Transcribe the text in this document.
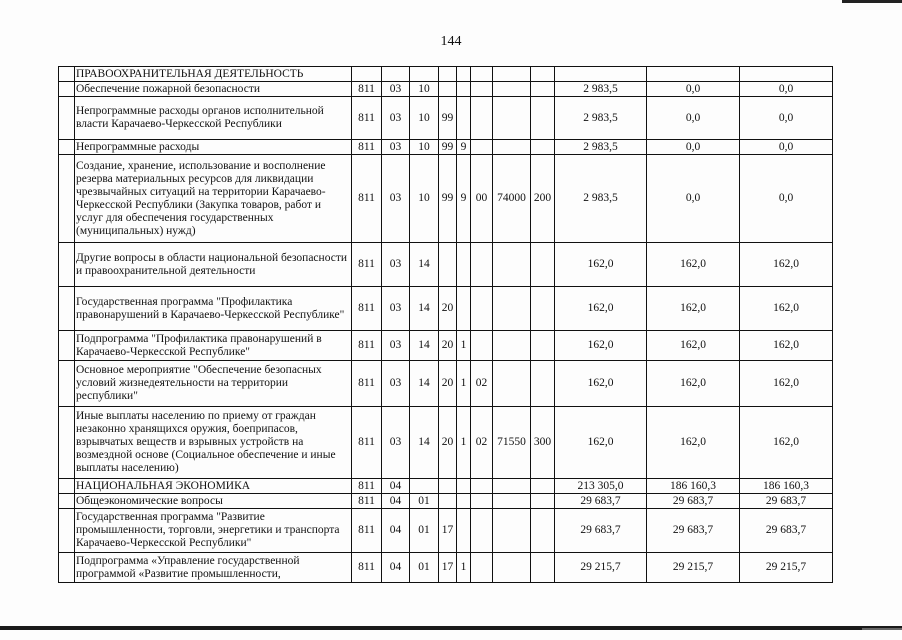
144
	ПРАВООХРАНИТЕЛЬНАЯ ДЕЯТЕЛЬНОСТЬ											
	Обеспечение пожарной безопасности	811	03	10						2 983,5	0,0	0,0
	Непрограммные расходы органов исполнительной власти Карачаево-Черкесской Республики	811	03	10	99					2 983,5	0,0	0,0
	Непрограммные расходы	811	03	10	99	9				2 983,5	0,0	0,0
	Создание, хранение, использование и восполнение резерва материальных ресурсов для ликвидации чрезвычайных ситуаций на территории Карачаево-Черкесской Республики (Закупка товаров, работ и услуг для обеспечения государственных (муниципальных) нужд)	811	03	10	99	9	00	74000	200	2 983,5	0,0	0,0
	Другие вопросы в области национальной безопасности и правоохранительной деятельности	811	03	14						162,0	162,0	162,0
	Государственная программа "Профилактика правонарушений в Карачаево-Черкесской Республике"	811	03	14	20					162,0	162,0	162,0
	Подпрограмма "Профилактика правонарушений в Карачаево-Черкесской Республике"	811	03	14	20	1				162,0	162,0	162,0
	Основное мероприятие "Обеспечение безопасных условий жизнедеятельности на территории республики"	811	03	14	20	1	02			162,0	162,0	162,0
	Иные выплаты населению по приему от граждан незаконно хранящихся оружия, боеприпасов, взрывчатых веществ и взрывных устройств на возмездной основе (Социальное обеспечение и иные выплаты населению)	811	03	14	20	1	02	71550	300	162,0	162,0	162,0
	НАЦИОНАЛЬНАЯ ЭКОНОМИКА	811	04							213 305,0	186 160,3	186 160,3
	Общеэкономические вопросы	811	04	01						29 683,7	29 683,7	29 683,7
	Государственная программа "Развитие промышленности, торговли, энергетики и транспорта Карачаево-Черкесской Республики"	811	04	01	17					29 683,7	29 683,7	29 683,7
	Подпрограмма «Управление государственной программой «Развитие промышленности,	811	04	01	17	1				29 215,7	29 215,7	29 215,7
